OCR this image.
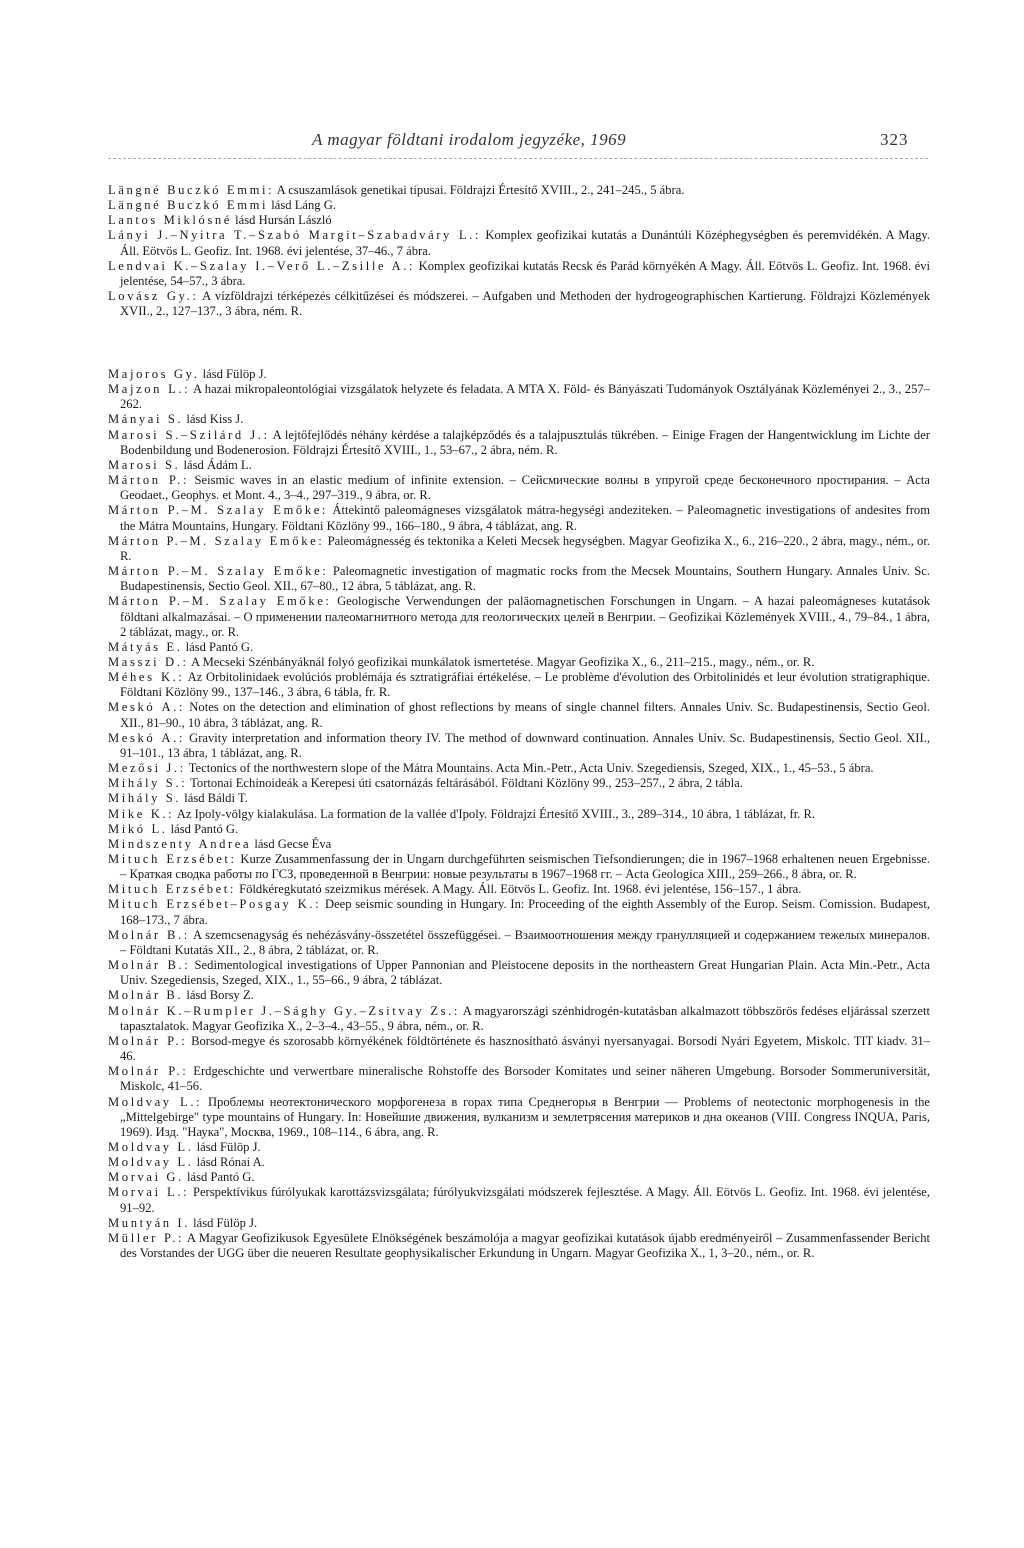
A magyar földtani irodalom jegyzéke, 1969	323
Längné Buczkó Emmi: A csuszamlások genetikai típusai. Földrajzi Értesítő XVIII., 2., 241–245., 5 ábra.
Längné Buczkó Emmi lásd Láng G.
Lantos Miklósné lásd Hursán László
Lányi J.–Nyitra T.–Szabó Margit–Szabadváry L.: Komplex geofizikai kutatás a Dunántúli Középhegységben és peremvidékén. A Magy. Áll. Eötvös L. Geofiz. Int. 1968. évi jelentése, 37–46., 7 ábra.
Lendvai K.–Szalay I.–Verő L.–Zsille A.: Komplex geofizikai kutatás Recsk és Parád környékén A Magy. Áll. Eötvös L. Geofiz. Int. 1968. évi jelentése, 54–57., 3 ábra.
Lovász Gy.: A vízföldrajzi térképezés célkitűzései és módszerei. – Aufgaben und Methoden der hydrogeographischen Kartierung. Földrajzi Közlemények XVII., 2., 127–137., 3 ábra, ném. R.
Majoros Gy. lásd Fülöp J.
Majzon L.: A hazai mikropaleontológiai vizsgálatok helyzete és feladata. A MTA X. Föld- és Bányászati Tudományok Osztályának Közleményei 2., 3., 257–262.
Mányai S. lásd Kiss J.
Marosi S.–Szilárd J.: A lejtőfejlődés néhány kérdése a talajképződés és a talajpusztulás tükrében. – Einige Fragen der Hangentwicklung im Lichte der Bodenbildung und Bodenerosion. Földrajzi Értesítő XVIII., 1., 53–67., 2 ábra, ném. R.
Marosi S. lásd Ádám L.
Márton P.: Seismic waves in an elastic medium of infinite extension. – Сейсмические волны в упругой среде бесконечного простирания. – Acta Geodaet., Geophys. et Mont. 4., 3–4., 297–319., 9 ábra, or. R.
Márton P.–M. Szalay Emőke: Áttekintő paleomágneses vizsgálatok mátra-hegységi andeziteken. – Paleomagnetic investigations of andesites from the Mátra Mountains, Hungary. Földtani Közlöny 99., 166–180., 9 ábra, 4 táblázat, ang. R.
Márton P.–M. Szalay Emőke: Paleomágnesség és tektonika a Keleti Mecsek hegységben. Magyar Geofizika X., 6., 216–220., 2 ábra, magy., ném., or. R.
Márton P.–M. Szalay Emőke: Paleomagnetic investigation of magmatic rocks from the Mecsek Mountains, Southern Hungary. Annales Univ. Sc. Budapestinensis, Sectio Geol. XII., 67–80., 12 ábra, 5 táblázat, ang. R.
Márton P.–M. Szalay Emőke: Geologische Verwendungen der paläomagnetischen Forschungen in Ungarn. – A hazai paleomágneses kutatások földtani alkalmazásai. – О применении палеомагнитного метода для геологических целей в Венгрии. – Geofizikai Közlemények XVIII., 4., 79–84., 1 ábra, 2 táblázat, magy., or. R.
Mátyás E. lásd Pantó G.
Masszi D.: A Mecseki Szénbányáknál folyó geofizikai munkálatok ismertetése. Magyar Geofizika X., 6., 211–215., magy., ném., or. R.
Méhes K.: Az Orbitolinidaek evolúciós problémája és sztratigráfiai értékelése. – Le problème d'évolution des Orbitolinidés et leur évolution stratigraphique. Földtani Közlöny 99., 137–146., 3 ábra, 6 tábla, fr. R.
Meskó A.: Notes on the detection and elimination of ghost reflections by means of single channel filters. Annales Univ. Sc. Budapestinensis, Sectio Geol. XII., 81–90., 10 ábra, 3 táblázat, ang. R.
Meskó A.: Gravity interpretation and information theory IV. The method of downward continuation. Annales Univ. Sc. Budapestinensis, Sectio Geol. XII., 91–101., 13 ábra, 1 táblázat, ang. R.
Mezősi J.: Tectonics of the northwestern slope of the Mátra Mountains. Acta Min.-Petr., Acta Univ. Szegediensis, Szeged, XIX., 1., 45–53., 5 ábra.
Mihály S.: Tortonai Echinoideák a Kerepesi úti csatornázás feltárásából. Földtani Közlöny 99., 253–257., 2 ábra, 2 tábla.
Mihály S. lásd Báldi T.
Mike K.: Az Ipoly-völgy kialakulása. La formation de la vallée d'Ipoly. Földrajzi Értesítő XVIII., 3., 289–314., 10 ábra, 1 táblázat, fr. R.
Mikó L. lásd Pantó G.
Mindszenty Andrea lásd Gecse Éva
Mituch Erzsébet: Kurze Zusammenfassung der in Ungarn durchgeführten seismischen Tiefsondierungen; die in 1967–1968 erhaltenen neuen Ergebnisse. – Краткая сводка работы по ГСЗ, проведенной в Венгрии: новые результаты в 1967–1968 гг. – Acta Geologica XIII., 259–266., 8 ábra, or. R.
Mituch Erzsébet: Földkéregkutató szeizmikus mérések. A Magy. Áll. Eötvös L. Geofiz. Int. 1968. évi jelentése, 156–157., 1 ábra.
Mituch Erzsébet–Posgay K.: Deep seismic sounding in Hungary. In: Proceeding of the eighth Assembly of the Europ. Seism. Comission. Budapest, 168–173., 7 ábra.
Molnár B.: A szemcsenagyság és nehézásvány-összetétel összefüggései. – Взаимоотношения между гранулляцией и содержанием тежелых минералов. – Földtani Kutatás XII., 2., 8 ábra, 2 táblázat, or. R.
Molnár B.: Sedimentological investigations of Upper Pannonian and Pleistocene deposits in the northeastern Great Hungarian Plain. Acta Min.-Petr., Acta Univ. Szegediensis, Szeged, XIX., 1., 55–66., 9 ábra, 2 táblázat.
Molnár B. lásd Borsy Z.
Molnár K.–Rumpler J.–Sághy Gy.–Zsitvay Zs.: A magyarországi szénhidrogén-kutatásban alkalmazott többszörös fedéses eljárással szerzett tapasztalatok. Magyar Geofizika X., 2–3–4., 43–55., 9 ábra, ném., or. R.
Molnár P.: Borsod-megye és szorosabb környékének földtörténete és hasznosítható ásványi nyersanyagai. Borsodi Nyári Egyetem, Miskolc. TIT kiadv. 31–46.
Molnár P.: Erdgeschichte und verwertbare mineralische Rohstoffe des Borsoder Komitates und seiner näheren Umgebung. Borsoder Sommeruniversität, Miskolc, 41–56.
Moldvay L.: Проблемы неотектонического морфогенеза в горах типа Среднегорья в Венгрии — Problems of neotectonic morphogenesis in the „Mittelgebirge" type mountains of Hungary. In: Новейшие движения, вулканизм и землетрясения материков и дна океанов (VIII. Congress INQUA, Paris, 1969). Изд. "Наука", Москва, 1969., 108–114., 6 ábra, ang. R.
Moldvay L. lásd Fülöp J.
Moldvay L. lásd Rónai A.
Morvai G. lásd Pantó G.
Morvai L.: Perspektívikus fúrólyukak karottázsvizsgálata; fúrólyukvizsgálati módszerek fejlesztése. A Magy. Áll. Eötvös L. Geofiz. Int. 1968. évi jelentése, 91–92.
Muntyán I. lásd Fülöp J.
Müller P.: A Magyar Geofizikusok Egyesülete Elnökségének beszámolója a magyar geofizikai kutatások újabb eredményeiről – Zusammenfassender Bericht des Vorstandes der UGG über die neueren Resultate geophysikalischer Erkundung in Ungarn. Magyar Geofizika X., 1, 3–20., ném., or. R.
